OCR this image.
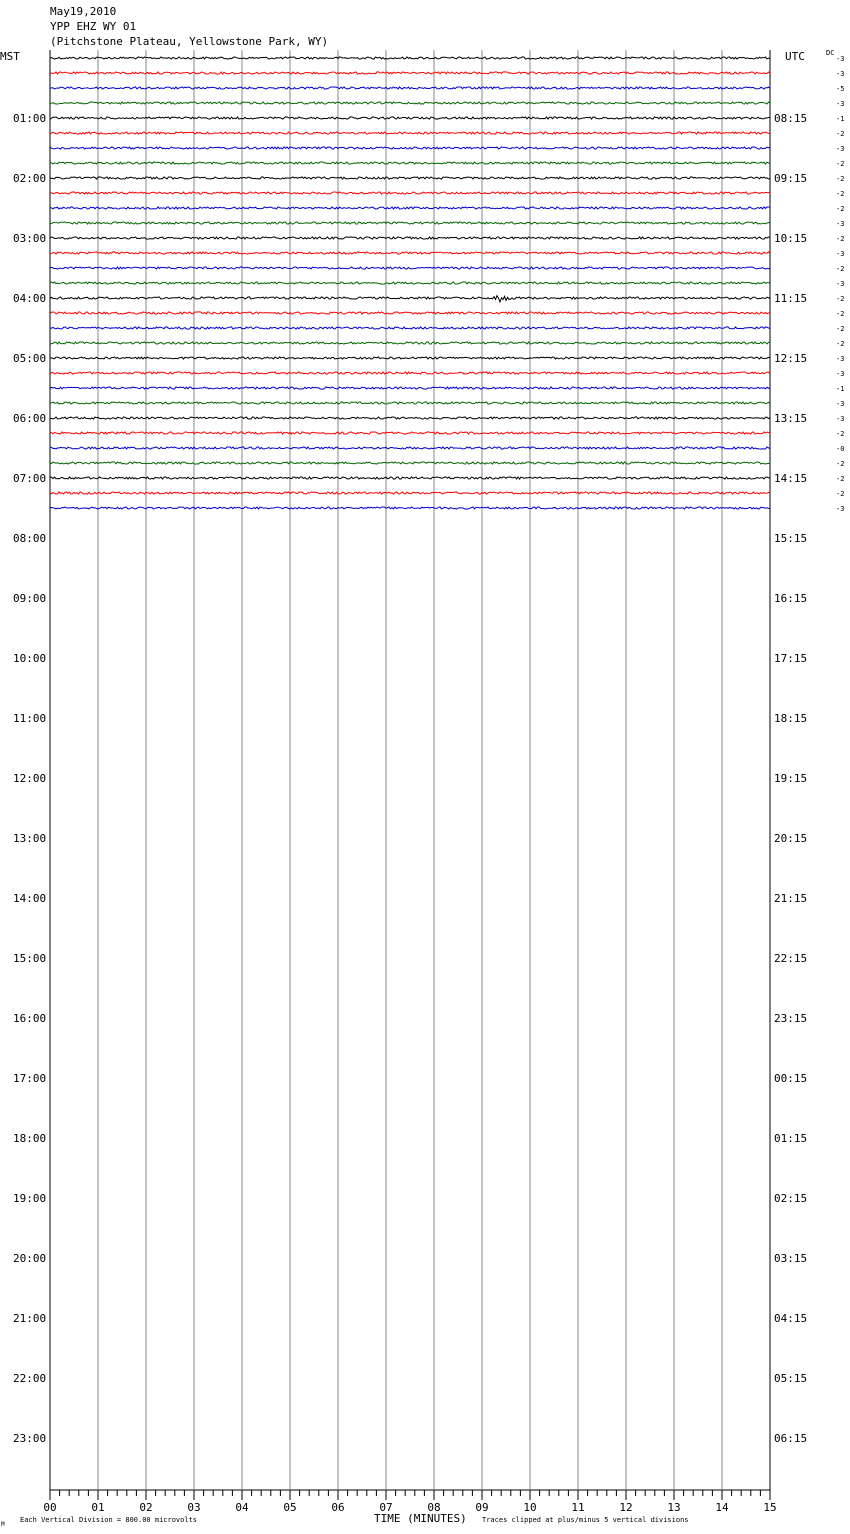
May19,2010
YPP EHZ WY 01
(Pitchstone Plateau, Yellowstone Park, WY)
MST	UTC	DC
00	01	02	03	04	05	06	07	08	09	10	11	12	13	14	15
01:00
02:00
03:00
04:00
05:00
06:00
07:00
08:00
09:00
10:00
11:00
12:00
13:00
14:00
15:00
16:00
17:00
18:00
19:00
20:00
21:00
22:00
23:00
08:15
09:15
10:15
11:15
12:15
13:15
14:15
15:15
16:15
17:15
18:15
19:15
20:15
21:15
22:15
23:15
00:15
01:15
02:15
03:15
04:15
05:15
06:15
-3
-3
-5
-3
-1
-2
-3
-2
-2
-2
-2
-3
-2
-3
-2
-3
-2
-2
-2
-2
-3
-3
-1
-3
-3
-2
-0
-2
-2
-2
-3
M
Each Vertical Division = 800.00 microvolts	TIME (MINUTES) Traces clipped at plus/minus 5 vertical divisions
